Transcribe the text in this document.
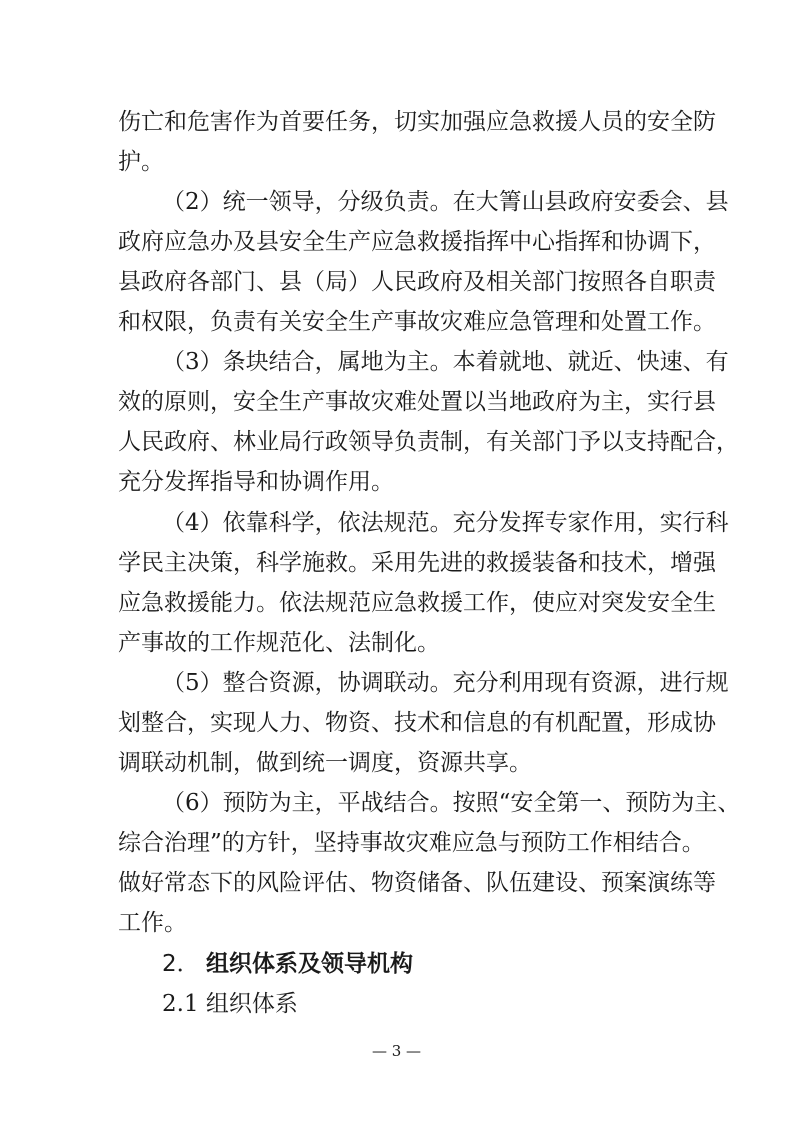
伤亡和危害作为首要任务，切实加强应急救援人员的安全防
护。
（2）统一领导，分级负责。在大箐山县政府安委会、县
政府应急办及县安全生产应急救援指挥中心指挥和协调下，
县政府各部门、县（局）人民政府及相关部门按照各自职责
和权限，负责有关安全生产事故灾难应急管理和处置工作。
（3）条块结合，属地为主。本着就地、就近、快速、有
效的原则，安全生产事故灾难处置以当地政府为主，实行县
人民政府、林业局行政领导负责制，有关部门予以支持配合，
充分发挥指导和协调作用。
（4）依靠科学，依法规范。充分发挥专家作用，实行科
学民主决策，科学施救。采用先进的救援装备和技术，增强
应急救援能力。依法规范应急救援工作，使应对突发安全生
产事故的工作规范化、法制化。
（5）整合资源，协调联动。充分利用现有资源，进行规
划整合，实现人力、物资、技术和信息的有机配置，形成协
调联动机制，做到统一调度，资源共享。
（6）预防为主，平战结合。按照“安全第一、预防为主、
综合治理”的方针，坚持事故灾难应急与预防工作相结合。
做好常态下的风险评估、物资储备、队伍建设、预案演练等
工作。
2． 组织体系及领导机构
2.1 组织体系
— 3 —
